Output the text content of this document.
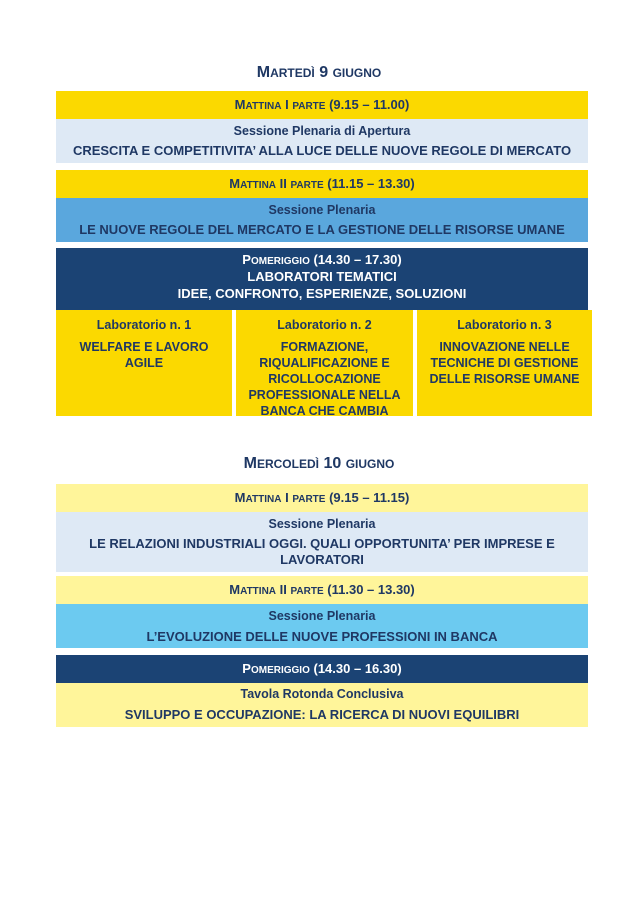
MARTEDÌ 9 GIUGNO
MATTINA I PARTE (9.15 – 11.00)
Sessione Plenaria di Apertura
CRESCITA E COMPETITIVITA’ ALLA LUCE DELLE NUOVE REGOLE DI MERCATO
MATTINA II PARTE (11.15 – 13.30)
Sessione Plenaria
LE NUOVE REGOLE DEL MERCATO E LA GESTIONE DELLE RISORSE UMANE
POMERIGGIO (14.30 – 17.30)
LABORATORI TEMATICI
IDEE, CONFRONTO, ESPERIENZE, SOLUZIONI
Laboratorio n. 1
WELFARE E LAVORO AGILE
Laboratorio n. 2
FORMAZIONE, RIQUALIFICAZIONE E RICOLLOCAZIONE PROFESSIONALE NELLA BANCA CHE CAMBIA
Laboratorio n. 3
INNOVAZIONE NELLE TECNICHE DI GESTIONE DELLE RISORSE UMANE
MERCOLEDÌ 10 GIUGNO
MATTINA I PARTE (9.15 – 11.15)
Sessione Plenaria
LE RELAZIONI INDUSTRIALI OGGI. QUALI OPPORTUNITA’ PER IMPRESE E
LAVORATORI
MATTINA II PARTE (11.30 – 13.30)
Sessione Plenaria
L’EVOLUZIONE DELLE NUOVE PROFESSIONI IN BANCA
POMERIGGIO (14.30 – 16.30)
Tavola Rotonda Conclusiva
SVILUPPO E OCCUPAZIONE: LA RICERCA DI NUOVI EQUILIBRI
